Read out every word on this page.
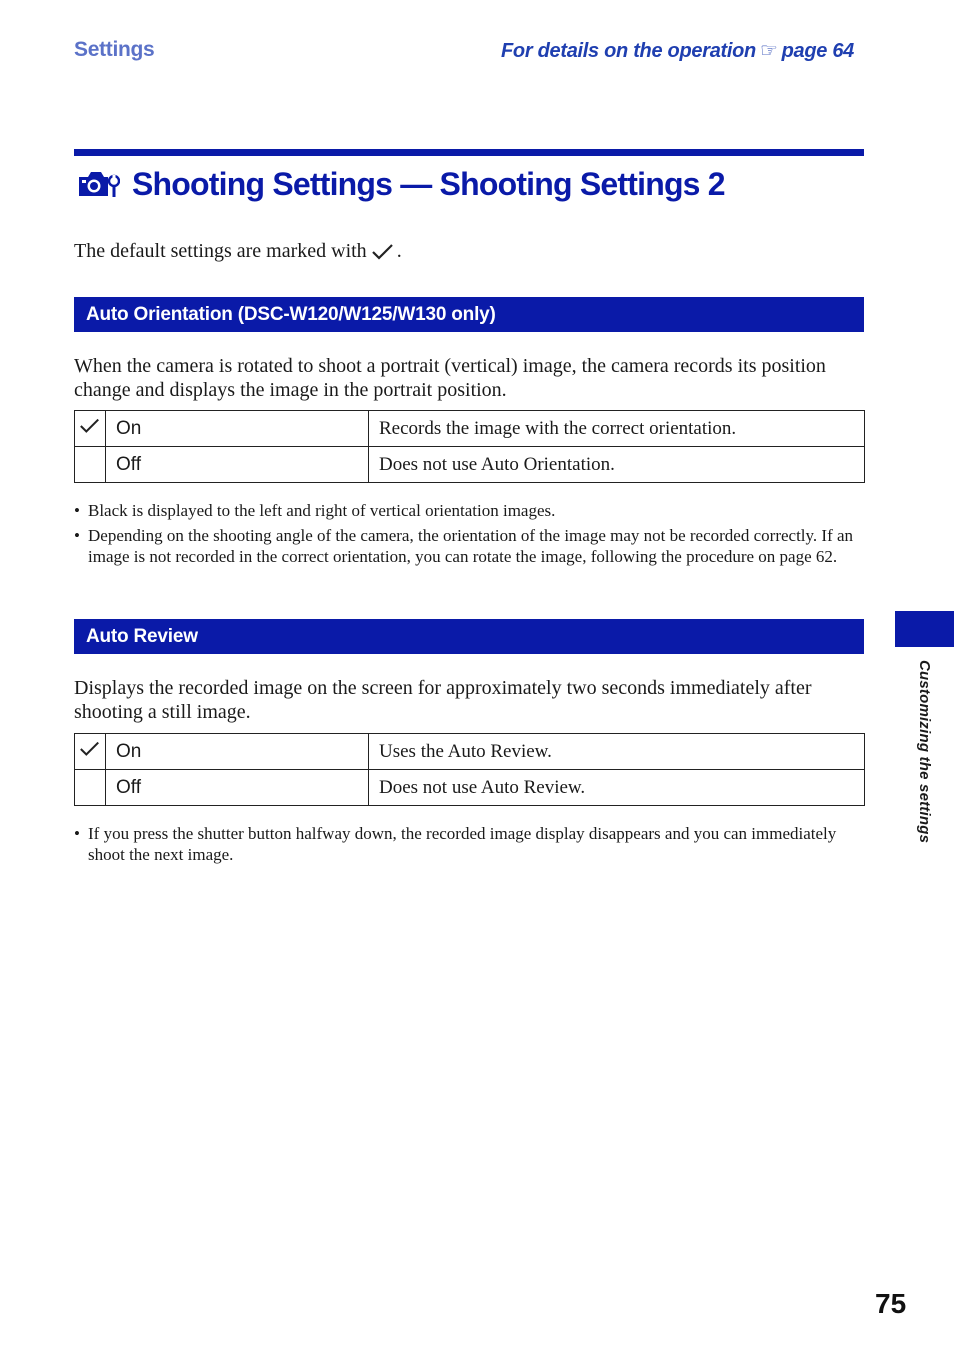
Settings	For details on the operation ☞ page 64
Shooting Settings — Shooting Settings 2
The default settings are marked with .
Auto Orientation (DSC-W120/W125/W130 only)
When the camera is rotated to shoot a portrait (vertical) image, the camera records its position change and displays the image in the portrait position.
	On	Records the image with the correct orientation.
	Off	Does not use Auto Orientation.
• Black is displayed to the left and right of vertical orientation images.
• Depending on the shooting angle of the camera, the orientation of the image may not be recorded correctly. If an image is not recorded in the correct orientation, you can rotate the image, following the procedure on page 62.
Auto Review
Displays the recorded image on the screen for approximately two seconds immediately after shooting a still image.
	On	Uses the Auto Review.
	Off	Does not use Auto Review.
• If you press the shutter button halfway down, the recorded image display disappears and you can immediately shoot the next image.
Customizing the settings
75
